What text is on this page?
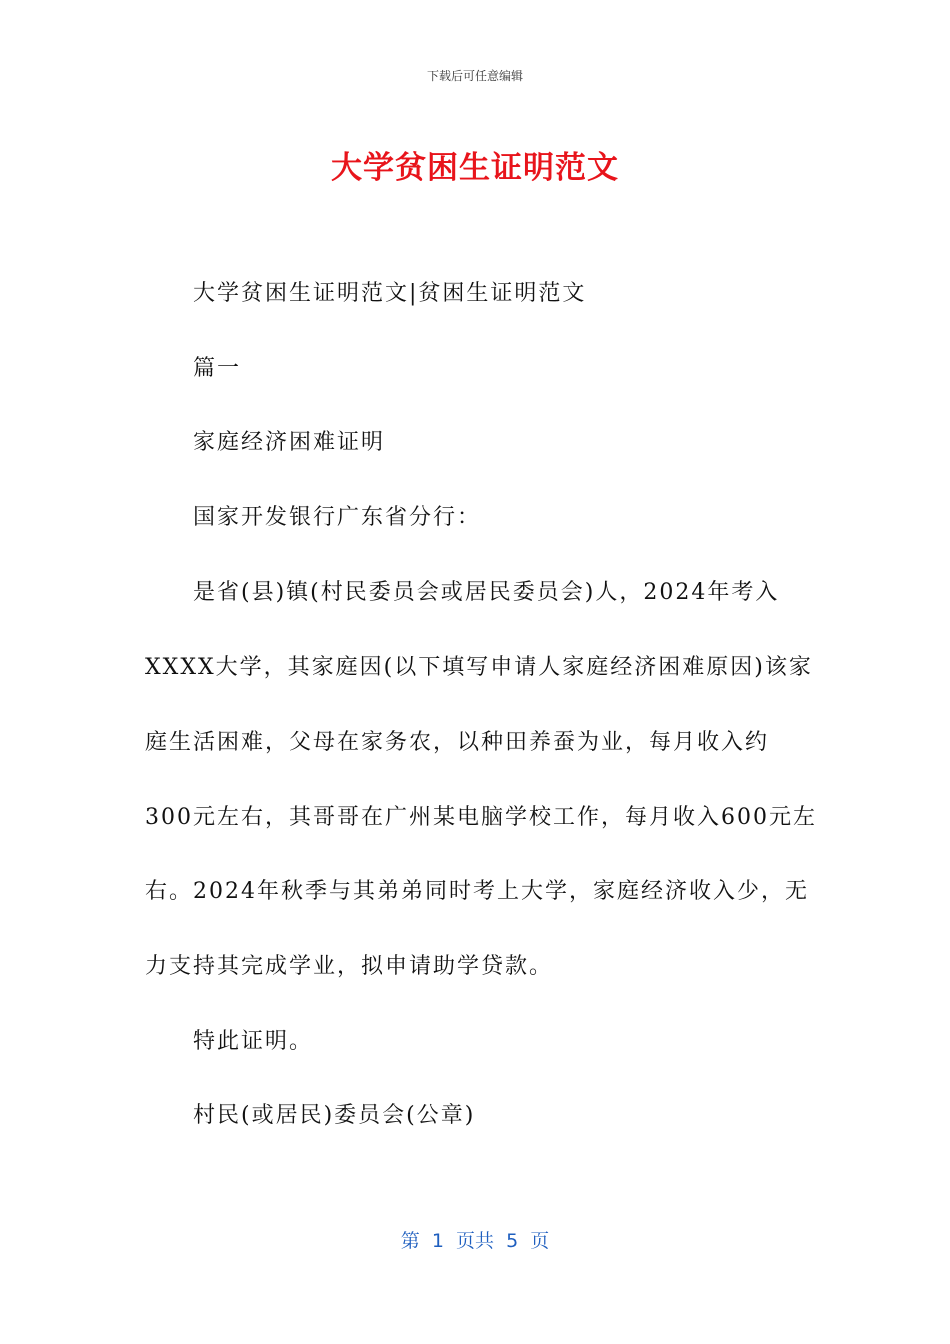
下载后可任意编辑
大学贫困生证明范文
大学贫困生证明范文|贫困生证明范文
篇一
家庭经济困难证明
国家开发银行广东省分行：
是省(县)镇(村民委员会或居民委员会)人，2024年考入
XXXX大学，其家庭因(以下填写申请人家庭经济困难原因)该家
庭生活困难，父母在家务农，以种田养蚕为业，每月收入约
300元左右，其哥哥在广州某电脑学校工作，每月收入600元左
右。2024年秋季与其弟弟同时考上大学，家庭经济收入少，无
力支持其完成学业，拟申请助学贷款。
特此证明。
村民(或居民)委员会(公章)
第  1  页共  5  页
